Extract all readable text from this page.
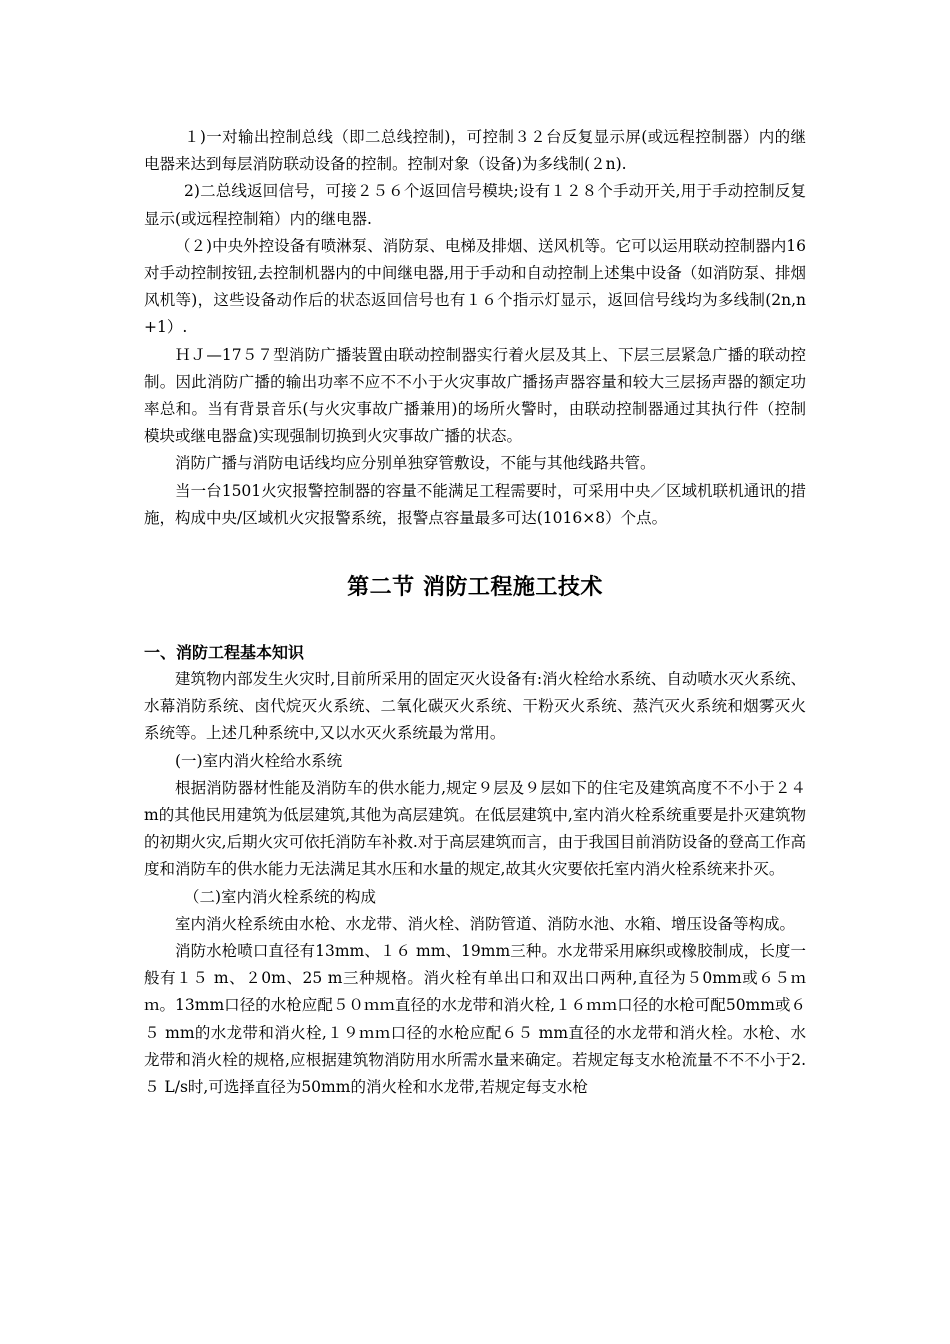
１)一对输出控制总线（即二总线控制)，可控制３２台反复显示屏(或远程控制器）内的继电器来达到每层消防联动设备的控制。控制对象（设备)为多线制(２n).

2)二总线返回信号，可接２５６个返回信号模块;设有１２８个手动开关,用于手动控制反复显示(或远程控制箱）内的继电器.

（２)中央外控设备有喷淋泵、消防泵、电梯及排烟、送风机等。它可以运用联动控制器内16对手动控制按钮,去控制机器内的中间继电器,用于手动和自动控制上述集中设备（如消防泵、排烟风机等)，这些设备动作后的状态返回信号也有１６个指示灯显示，返回信号线均为多线制(2n,n+1）.

ＨＪ—17５７型消防广播装置由联动控制器实行着火层及其上、下层三层紧急广播的联动控制。因此消防广播的输出功率不应不不小于火灾事故广播扬声器容量和较大三层扬声器的额定功率总和。当有背景音乐(与火灾事故广播兼用)的场所火警时，由联动控制器通过其执行件（控制模块或继电器盒)实现强制切换到火灾事故广播的状态。

消防广播与消防电话线均应分别单独穿管敷设，不能与其他线路共管。

当一台1501火灾报警控制器的容量不能满足工程需要时，可采用中央／区域机联机通讯的措施，构成中央/区域机火灾报警系统，报警点容量最多可达(1016×8）个点。

第二节 消防工程施工技术

一、消防工程基本知识

建筑物内部发生火灾时,目前所采用的固定灭火设备有:消火栓给水系统、自动喷水灭火系统、水幕消防系统、卤代烷灭火系统、二氧化碳灭火系统、干粉灭火系统、蒸汽灭火系统和烟雾灭火系统等。上述几种系统中,又以水灭火系统最为常用。

(一)室内消火栓给水系统

根据消防器材性能及消防车的供水能力,规定９层及９层如下的住宅及建筑高度不不小于２４m的其他民用建筑为低层建筑,其他为高层建筑。在低层建筑中,室内消火栓系统重要是扑灭建筑物的初期火灾,后期火灾可依托消防车补救.对于高层建筑而言，由于我国目前消防设备的登高工作高度和消防车的供水能力无法满足其水压和水量的规定,故其火灾要依托室内消火栓系统来扑灭。

（二)室内消火栓系统的构成

室内消火栓系统由水枪、水龙带、消火栓、消防管道、消防水池、水箱、增压设备等构成。

消防水枪喷口直径有13mm、１６ mm、19mm三种。水龙带采用麻织或橡胶制成，长度一般有１５ m、２0m、25 m三种规格。消火栓有单出口和双出口两种,直径为５0mm或６５ｍｍ。13mm口径的水枪应配５０ｍｍ直径的水龙带和消火栓,１６ｍｍ口径的水枪可配50mm或６５ mm的水龙带和消火栓,１９ｍｍ口径的水枪应配６５ mm直径的水龙带和消火栓。水枪、水龙带和消火栓的规格,应根据建筑物消防用水所需水量来确定。若规定每支水枪流量不不不小于2.５ L/s时,可选择直径为50mm的消火栓和水龙带,若规定每支水枪
